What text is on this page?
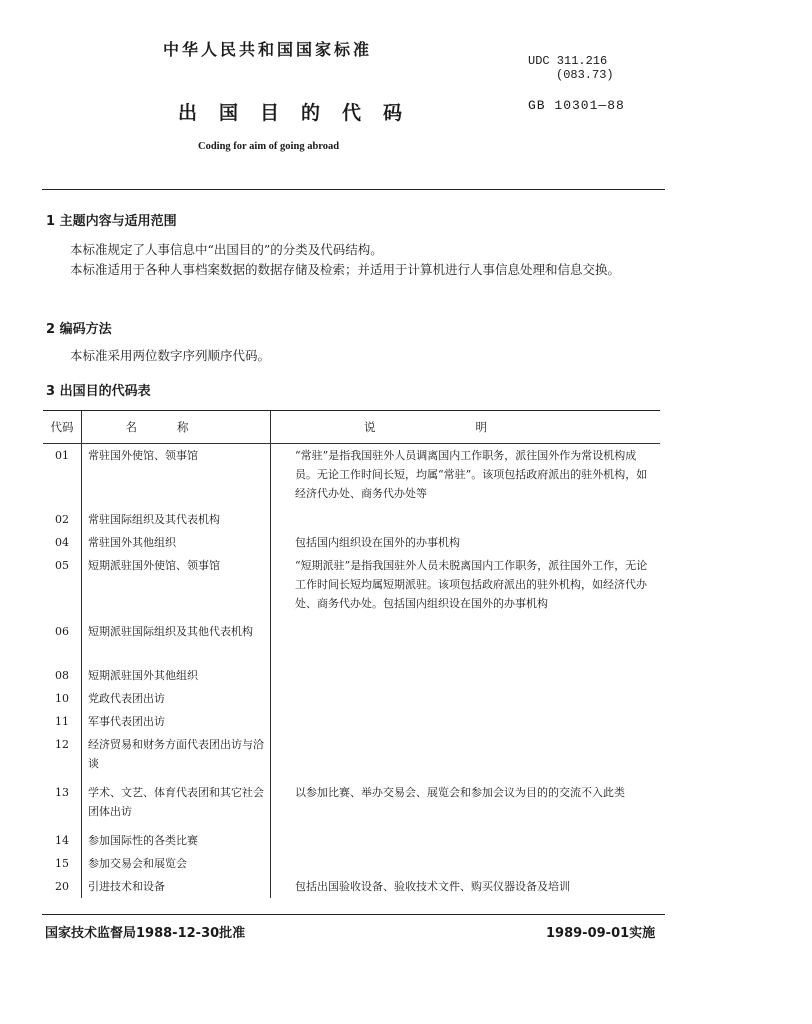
中华人民共和国国家标准
UDC 311.216
(083.73)
出国目的代码	GB 10301—88
Coding for aim of going abroad
1 主题内容与适用范围
本标准规定了人事信息中“出国目的”的分类及代码结构。
本标准适用于各种人事档案数据的数据存储及检索；并适用于计算机进行人事信息处理和信息交换。
2 编码方法
本标准采用两位数字序列顺序代码。
3 出国目的代码表
代码	名称	说明
01	常驻国外使馆、领事馆	“常驻”是指我国驻外人员调离国内工作职务，派往国外作为常设机构成员。无论工作时间长短，均属“常驻”。该项包括政府派出的驻外机构，如经济代办处、商务代办处等
02	常驻国际组织及其代表机构	
04	常驻国外其他组织	包括国内组织设在国外的办事机构
05	短期派驻国外使馆、领事馆	“短期派驻”是指我国驻外人员未脱离国内工作职务，派往国外工作，无论工作时间长短均属短期派驻。该项包括政府派出的驻外机构，如经济代办处、商务代办处。包括国内组织设在国外的办事机构
06	短期派驻国际组织及其他代表机构	
08	短期派驻国外其他组织	
10	党政代表团出访	
11	军事代表团出访	
12	经济贸易和财务方面代表团出访与洽谈	
13	学术、文艺、体育代表团和其它社会团体出访	以参加比赛、举办交易会、展览会和参加会议为目的的交流不入此类
14	参加国际性的各类比赛	
15	参加交易会和展览会	
20	引进技术和设备	包括出国验收设备、验收技术文件、购买仪器设备及培训
国家技术监督局1988-12-30批准	1989-09-01实施
